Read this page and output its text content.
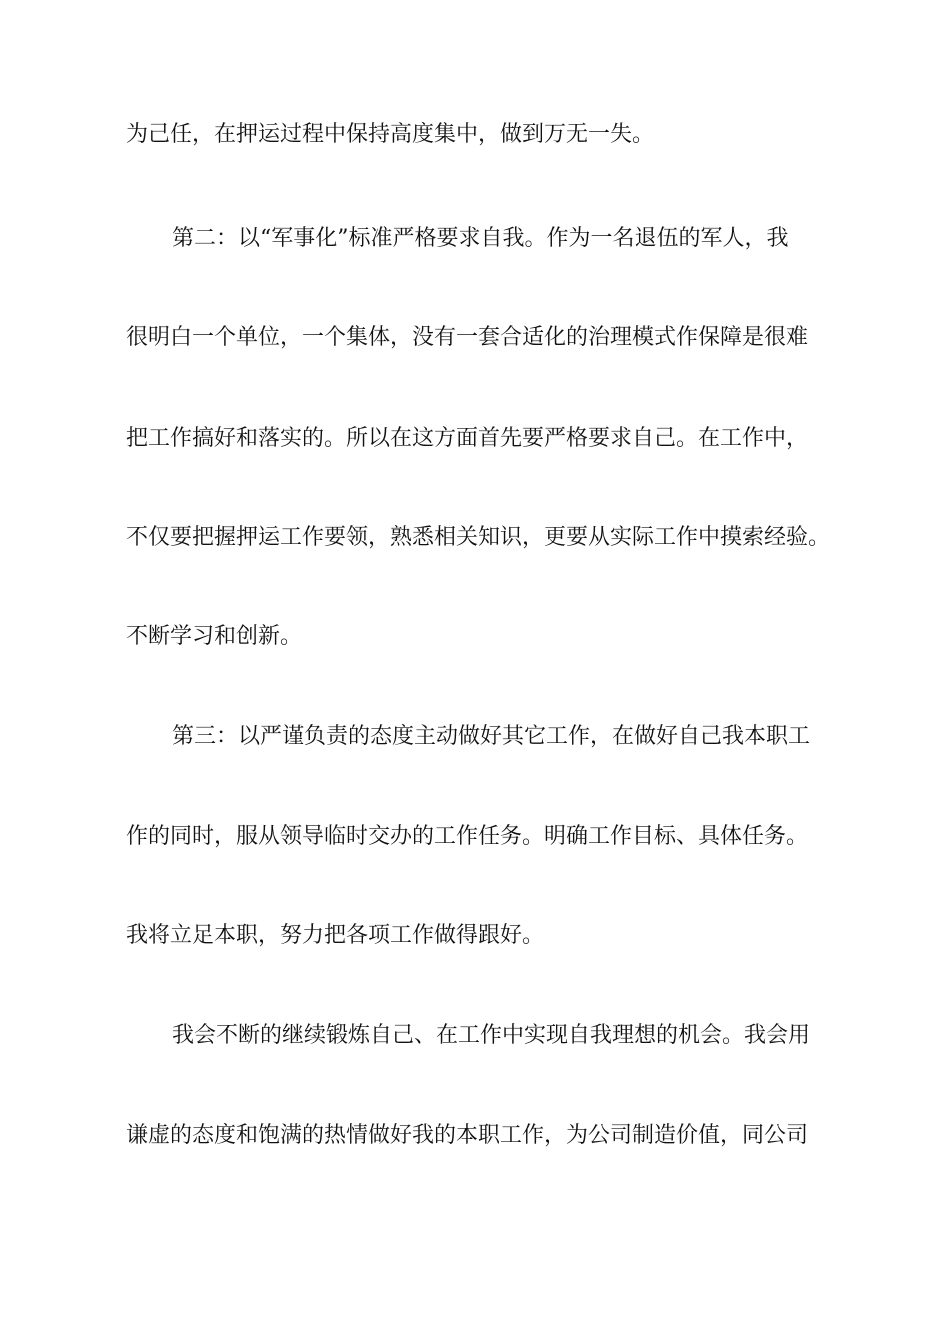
为己任，在押运过程中保持高度集中，做到万无一失。
第二：以“军事化”标准严格要求自我。作为一名退伍的军人，我
很明白一个单位，一个集体，没有一套合适化的治理模式作保障是很难
把工作搞好和落实的。所以在这方面首先要严格要求自己。在工作中，
不仅要把握押运工作要领，熟悉相关知识，更要从实际工作中摸索经验。
不断学习和创新。
第三：以严谨负责的态度主动做好其它工作，在做好自己我本职工
作的同时，服从领导临时交办的工作任务。明确工作目标、具体任务。
我将立足本职，努力把各项工作做得跟好。
我会不断的继续锻炼自己、在工作中实现自我理想的机会。我会用
谦虚的态度和饱满的热情做好我的本职工作，为公司制造价值，同公司
